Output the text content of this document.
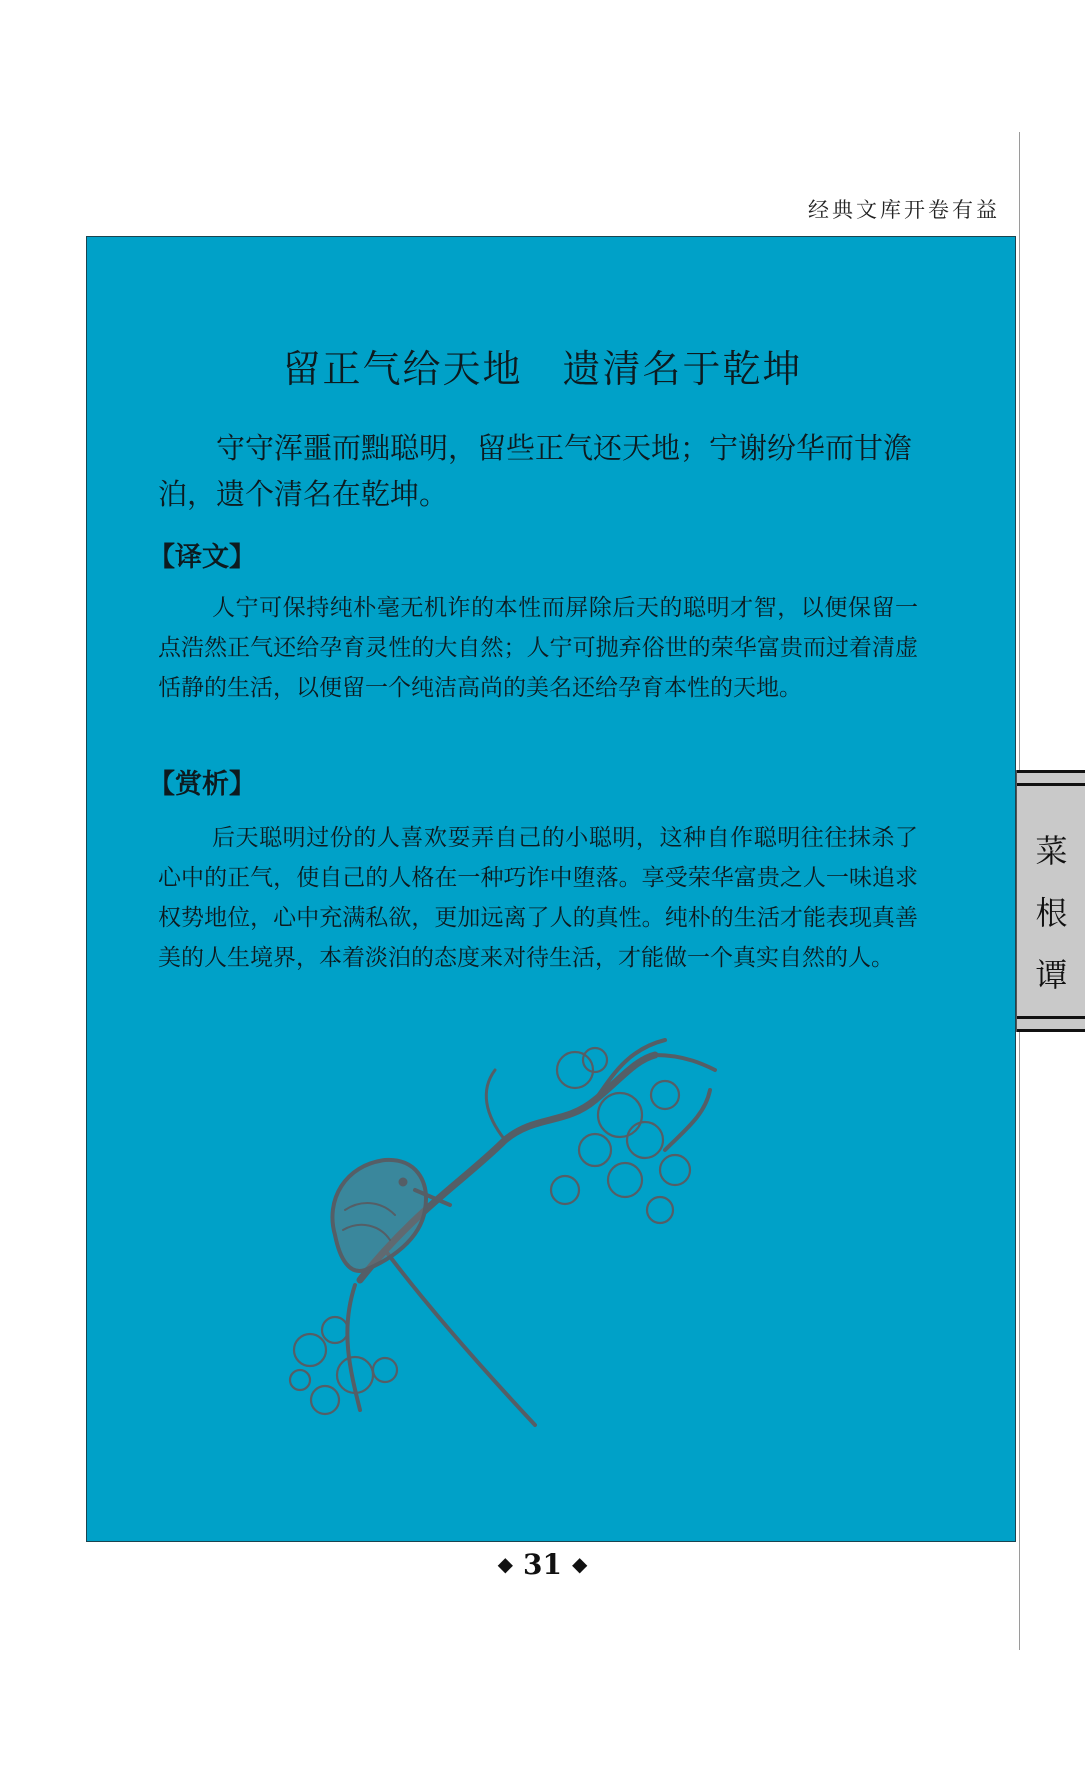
经典文库开卷有益
留正气给天地　遗清名于乾坤
守守浑噩而黜聪明，留些正气还天地；宁谢纷华而甘澹泊，遗个清名在乾坤。
【译文】
人宁可保持纯朴毫无机诈的本性而屏除后天的聪明才智，以便保留一点浩然正气还给孕育灵性的大自然；人宁可抛弃俗世的荣华富贵而过着清虚恬静的生活，以便留一个纯洁高尚的美名还给孕育本性的天地。
【赏析】
后天聪明过份的人喜欢耍弄自己的小聪明，这种自作聪明往往抹杀了心中的正气，使自己的人格在一种巧诈中堕落。享受荣华富贵之人一味追求权势地位，心中充满私欲，更加远离了人的真性。纯朴的生活才能表现真善美的人生境界，本着淡泊的态度来对待生活，才能做一个真实自然的人。
菜
根
谭
◆ 31 ◆
